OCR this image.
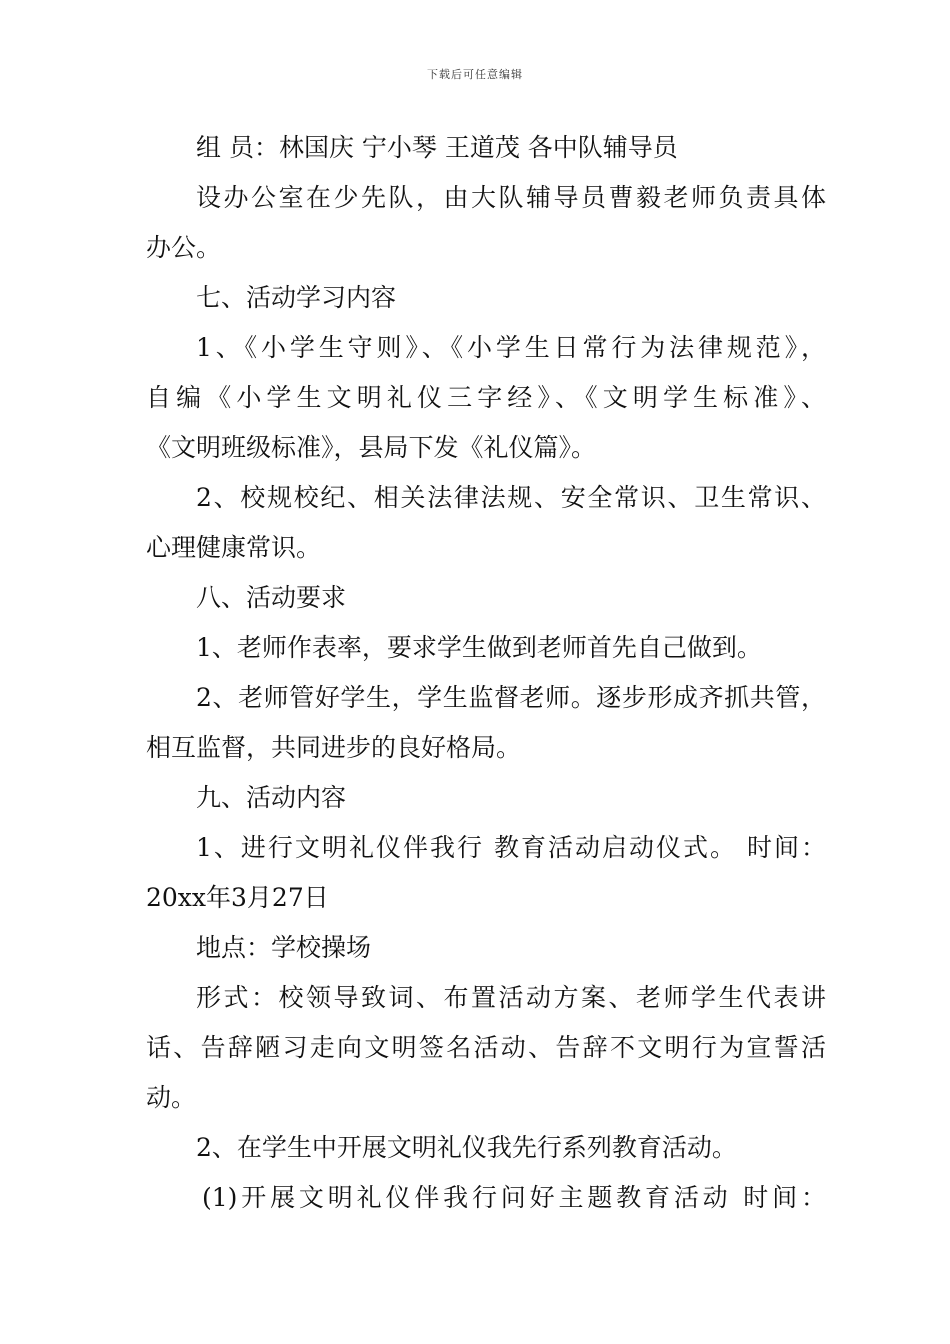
下载后可任意编辑
组 员：林国庆 宁小琴 王道茂 各中队辅导员
设办公室在少先队，由大队辅导员曹毅老师负责具体
办公。
七、活动学习内容
1、《小学生守则》、《小学生日常行为法律规范》，
自编《小学生文明礼仪三字经》、《文明学生标准》、
《文明班级标准》，县局下发《礼仪篇》。
2、校规校纪、相关法律法规、安全常识、卫生常识、
心理健康常识。
八、活动要求
1、老师作表率，要求学生做到老师首先自己做到。
2、老师管好学生，学生监督老师。逐步形成齐抓共管，
相互监督，共同进步的良好格局。
九、活动内容
1、进行文明礼仪伴我行 教育活动启动仪式。 时间：
20xx年3月27日
地点：学校操场
形式：校领导致词、布置活动方案、老师学生代表讲
话、告辞陋习走向文明签名活动、告辞不文明行为宣誓活
动。
2、在学生中开展文明礼仪我先行系列教育活动。
(1)开展文明礼仪伴我行问好主题教育活动 时间：
